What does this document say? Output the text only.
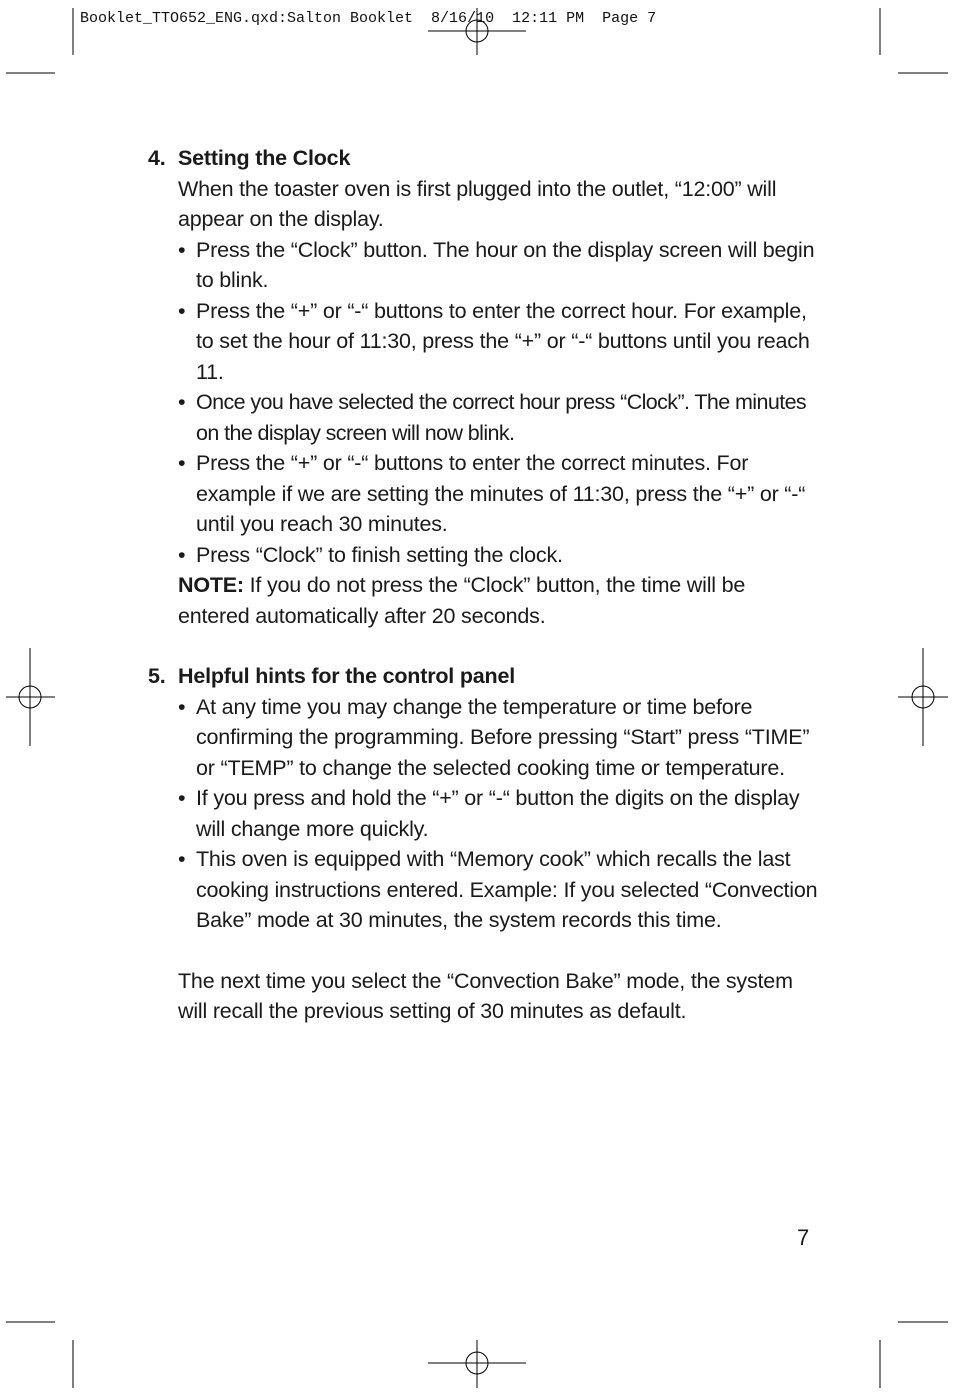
Booklet_TTO652_ENG.qxd:Salton Booklet  8/16/10  12:11 PM  Page 7
4. Setting the Clock
When the toaster oven is first plugged into the outlet, “12:00” will appear on the display.
• Press the “Clock” button. The hour on the display screen will begin to blink.
• Press the “+” or “-“ buttons to enter the correct hour. For example, to set the hour of 11:30, press the “+” or “-“ buttons until you reach 11.
• Once you have selected the correct hour press “Clock”. The minutes on the display screen will now blink.
• Press the “+” or “-“ buttons to enter the correct minutes. For example if we are setting the minutes of 11:30, press the “+” or “-“ until you reach 30 minutes.
• Press “Clock” to finish setting the clock.
NOTE: If you do not press the “Clock” button, the time will be entered automatically after 20 seconds.
5. Helpful hints for the control panel
• At any time you may change the temperature or time before confirming the programming. Before pressing “Start” press “TIME” or “TEMP” to change the selected cooking time or temperature.
• If you press and hold the “+” or “-“ button the digits on the display will change more quickly.
• This oven is equipped with “Memory cook” which recalls the last cooking instructions entered. Example: If you selected “Convection Bake” mode at 30 minutes, the system records this time.
The next time you select the “Convection Bake” mode, the system will recall the previous setting of 30 minutes as default.
7
